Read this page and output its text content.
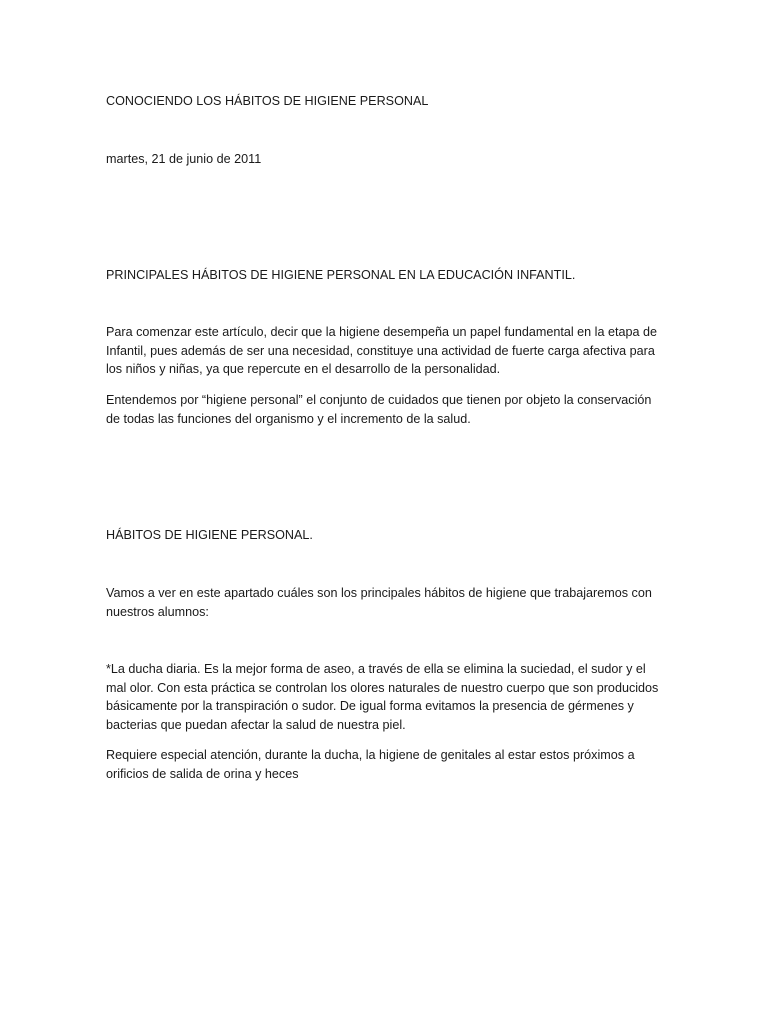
CONOCIENDO LOS HÁBITOS DE HIGIENE PERSONAL

martes, 21 de junio de 2011

PRINCIPALES HÁBITOS DE HIGIENE PERSONAL EN LA EDUCACIÓN INFANTIL.

Para comenzar este artículo, decir que la higiene desempeña un papel fundamental en la etapa de Infantil, pues además de ser una necesidad, constituye una actividad de fuerte carga afectiva para los niños y niñas, ya que repercute en el desarrollo de la personalidad.

Entendemos por “higiene personal” el conjunto de cuidados que tienen por objeto la conservación de todas las funciones del organismo y el incremento de la salud.

HÁBITOS DE HIGIENE PERSONAL.

Vamos a ver en este apartado cuáles son los principales hábitos de higiene que trabajaremos con nuestros alumnos:

*La ducha diaria. Es la mejor forma de aseo, a través de ella se elimina la suciedad, el sudor y el mal olor. Con esta práctica se controlan los olores naturales de nuestro cuerpo que son producidos básicamente por la transpiración o sudor. De igual forma evitamos la presencia de gérmenes y bacterias que puedan afectar la salud de nuestra piel.

Requiere especial atención, durante la ducha, la higiene de genitales al estar estos próximos a orificios de salida de orina y heces
